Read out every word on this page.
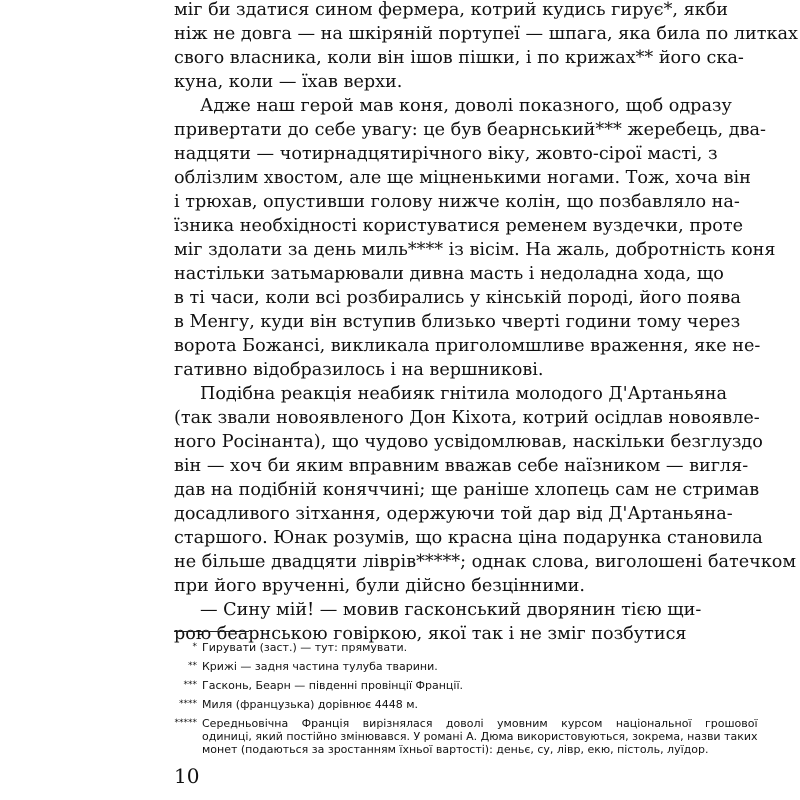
міг би здатися сином фермера, котрий кудись гирує*, якби
ніж не довга — на шкіряній портупеї — шпага, яка била по литках
свого власника, коли він ішов пішки, і по крижах** його ска-
куна, коли — їхав верхи.
Адже наш герой мав коня, доволі показного, щоб одразу
привертати до себе увагу: це був беарнський*** жеребець, два-
надцяти — чотирнадцятирічного віку, жовто-сірої масті, з
облізлим хвостом, але ще міцненькими ногами. Тож, хоча він
і трюхав, опустивши голову нижче колін, що позбавляло на-
їзника необхідності користуватися ременем вуздечки, проте
міг здолати за день миль**** із вісім. На жаль, добротність коня
настільки затьмарювали дивна масть і недоладна хода, що
в ті часи, коли всі розбирались у кінській породі, його поява
в Менгу, куди він вступив близько чверті години тому через
ворота Божансі, викликала приголомшливе враження, яке не-
гативно відобразилось і на вершникові.
Подібна реакція неабияк гнітила молодого Д'Артаньяна
(так звали новоявленого Дон Кіхота, котрий осідлав новоявле-
ного Росінанта), що чудово усвідомлював, наскільки безглуздо
він — хоч би яким вправним вважав себе наїзником — вигля-
дав на подібній коняччині; ще раніше хлопець сам не стримав
досадливого зітхання, одержуючи той дар від Д'Артаньяна-
старшого. Юнак розумів, що красна ціна подарунка становила
не більше двадцяти ліврів*****; однак слова, виголошені батечком
при його врученні, були дійсно безцінними.
— Сину мій! — мовив гасконський дворянин тією щи-
рою беарнською говіркою, якої так і не зміг позбутися
* Гирувати (заст.) — тут: прямувати.
** Крижі — задня частина тулуба тварини.
*** Гасконь, Беарн — південні провінції Франції.
**** Миля (французька) дорівнює 4448 м.
***** Середньовічна Франція вирізнялася доволі умовним курсом національної грошової
одиниці, який постійно змінювався. У романі А. Дюма використовуються, зокрема, назви таких
монет (подаються за зростанням їхньої вартості): деньє, су, лівр, екю, пістоль, луїдор.
10
